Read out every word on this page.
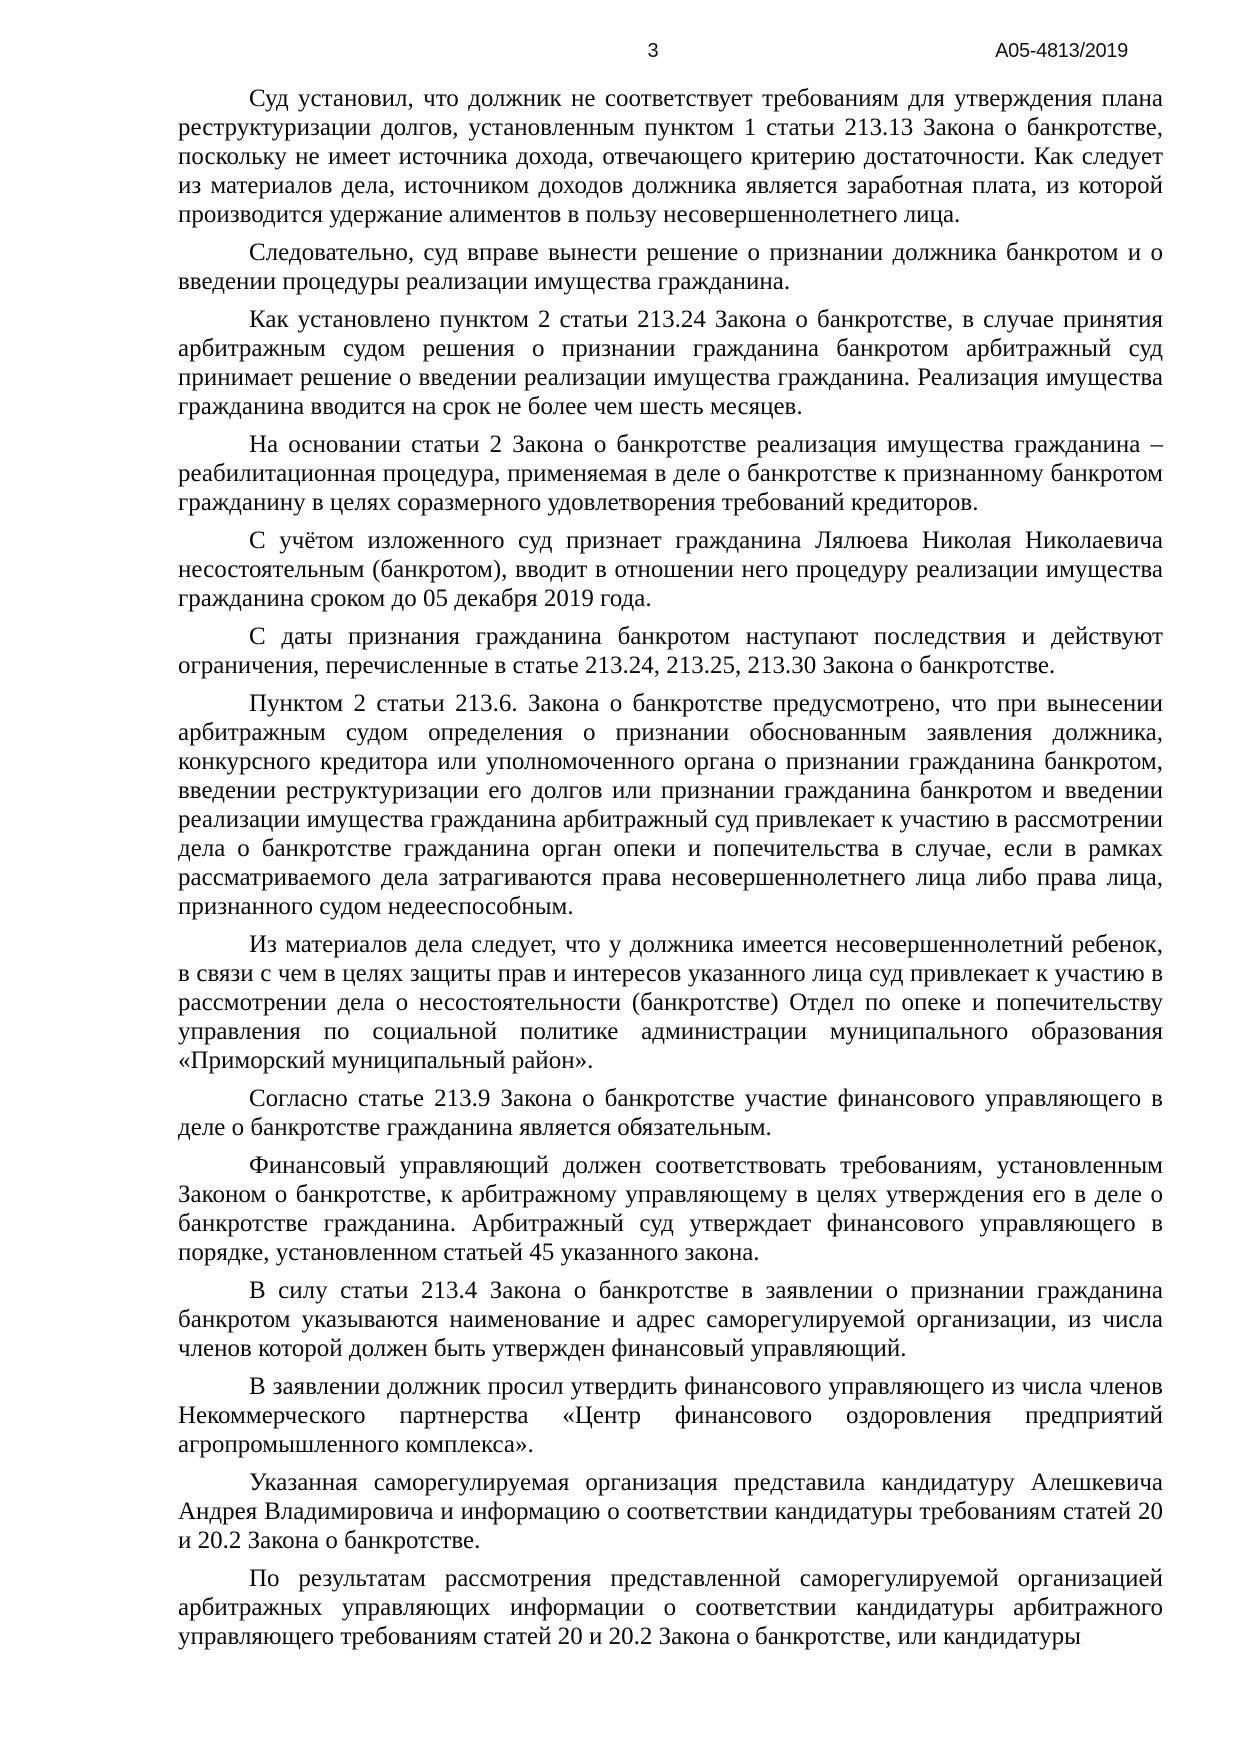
3	А05-4813/2019

Суд установил, что должник не соответствует требованиям для утверждения плана реструктуризации долгов, установленным пунктом 1 статьи 213.13 Закона о банкротстве, поскольку не имеет источника дохода, отвечающего критерию достаточности. Как следует из материалов дела, источником доходов должника является заработная плата, из которой производится удержание алиментов в пользу несовершеннолетнего лица.

Следовательно, суд вправе вынести решение о признании должника банкротом и о введении процедуры реализации имущества гражданина.

Как установлено пунктом 2 статьи 213.24 Закона о банкротстве, в случае принятия арбитражным судом решения о признании гражданина банкротом арбитражный суд принимает решение о введении реализации имущества гражданина. Реализация имущества гражданина вводится на срок не более чем шесть месяцев.

На основании статьи 2 Закона о банкротстве реализация имущества гражданина – реабилитационная процедура, применяемая в деле о банкротстве к признанному банкротом гражданину в целях соразмерного удовлетворения требований кредиторов.

С учётом изложенного суд признает гражданина Лялюева Николая Николаевича несостоятельным (банкротом), вводит в отношении него процедуру реализации имущества гражданина сроком до 05 декабря 2019 года.

С даты признания гражданина банкротом наступают последствия и действуют ограничения, перечисленные в статье 213.24, 213.25, 213.30 Закона о банкротстве.

Пунктом 2 статьи 213.6. Закона о банкротстве предусмотрено, что при вынесении арбитражным судом определения о признании обоснованным заявления должника, конкурсного кредитора или уполномоченного органа о признании гражданина банкротом, введении реструктуризации его долгов или признании гражданина банкротом и введении реализации имущества гражданина арбитражный суд привлекает к участию в рассмотрении дела о банкротстве гражданина орган опеки и попечительства в случае, если в рамках рассматриваемого дела затрагиваются права несовершеннолетнего лица либо права лица, признанного судом недееспособным.

Из материалов дела следует, что у должника имеется несовершеннолетний ребенок, в связи с чем в целях защиты прав и интересов указанного лица суд привлекает к участию в рассмотрении дела о несостоятельности (банкротстве) Отдел по опеке и попечительству управления по социальной политике администрации муниципального образования «Приморский муниципальный район».

Согласно статье 213.9 Закона о банкротстве участие финансового управляющего в деле о банкротстве гражданина является обязательным.

Финансовый управляющий должен соответствовать требованиям, установленным Законом о банкротстве, к арбитражному управляющему в целях утверждения его в деле о банкротстве гражданина. Арбитражный суд утверждает финансового управляющего в порядке, установленном статьей 45 указанного закона.

В силу статьи 213.4 Закона о банкротстве в заявлении о признании гражданина банкротом указываются наименование и адрес саморегулируемой организации, из числа членов которой должен быть утвержден финансовый управляющий.

В заявлении должник просил утвердить финансового управляющего из числа членов Некоммерческого партнерства «Центр финансового оздоровления предприятий агропромышленного комплекса».

Указанная саморегулируемая организация представила кандидатуру Алешкевича Андрея Владимировича и информацию о соответствии кандидатуры требованиям статей 20 и 20.2 Закона о банкротстве.

По результатам рассмотрения представленной саморегулируемой организацией арбитражных управляющих информации о соответствии кандидатуры арбитражного управляющего требованиям статей 20 и 20.2 Закона о банкротстве, или кандидатуры
